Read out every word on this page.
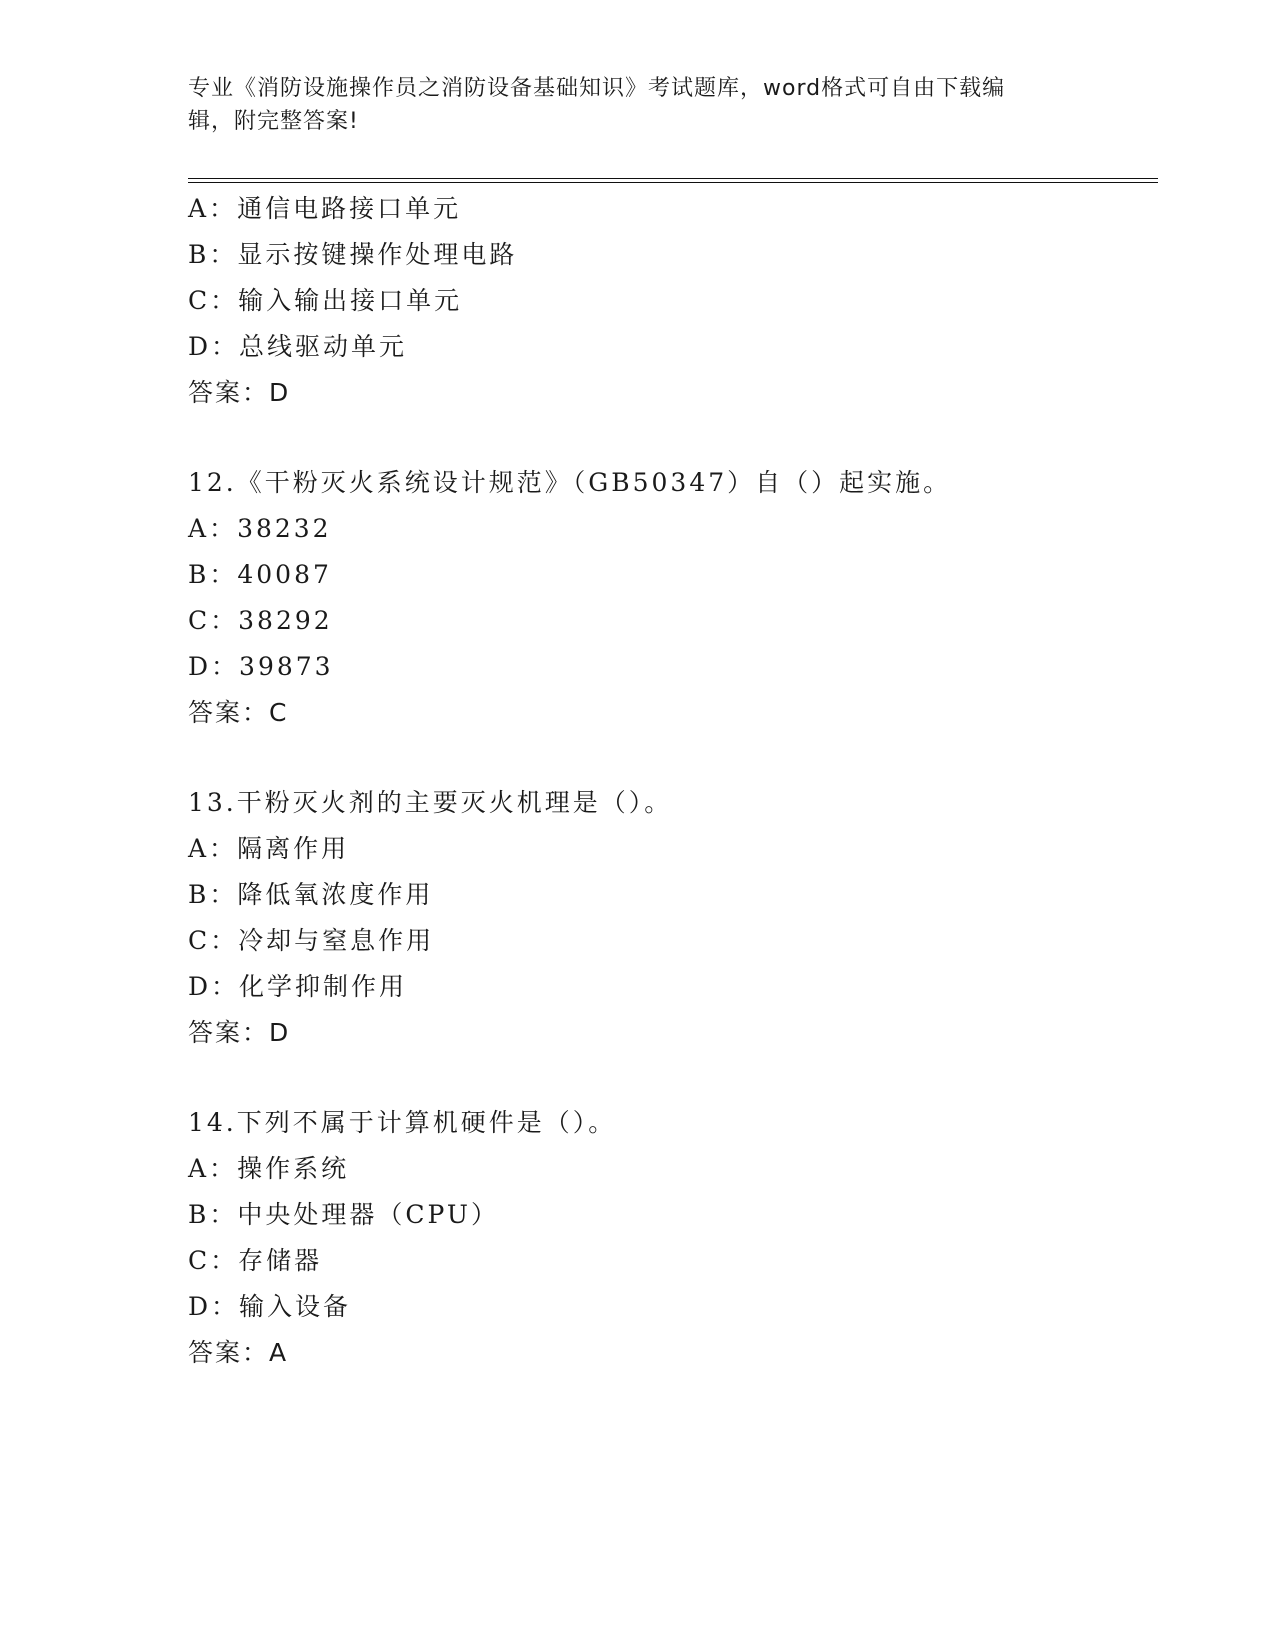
专业《消防设施操作员之消防设备基础知识》考试题库，word格式可自由下载编
辑，附完整答案!
A：通信电路接口单元
B：显示按键操作处理电路
C：输入输出接口单元
D：总线驱动单元
答案：D
12.《干粉灭火系统设计规范》（GB50347）自（）起实施。
A：38232
B：40087
C：38292
D：39873
答案：C
13.干粉灭火剂的主要灭火机理是（）。
A：隔离作用
B：降低氧浓度作用
C：冷却与窒息作用
D：化学抑制作用
答案：D
14.下列不属于计算机硬件是（）。
A：操作系统
B：中央处理器（CPU）
C：存储器
D：输入设备
答案：A
